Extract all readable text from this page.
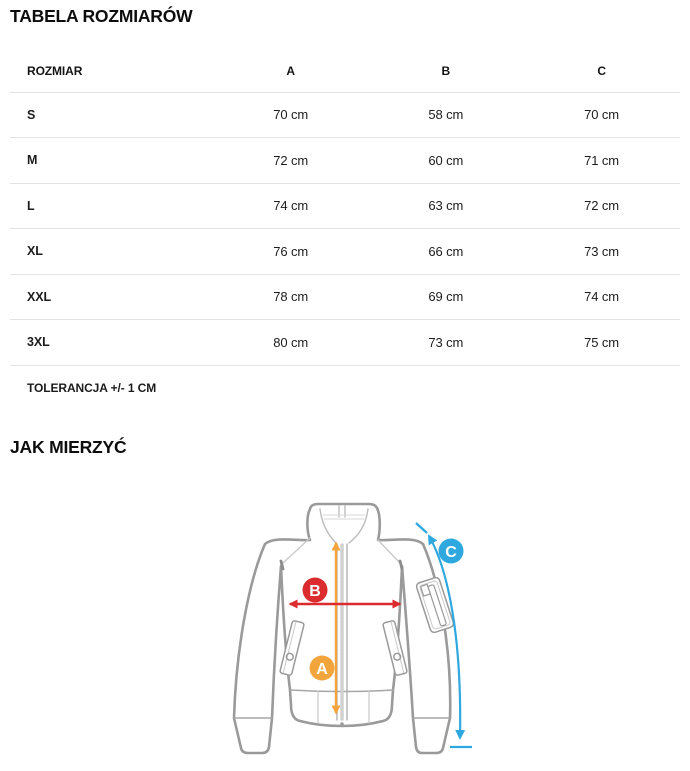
TABELA ROZMIARÓW
ROZMIAR	A	B	C
S	70 cm	58 cm	70 cm
M	72 cm	60 cm	71 cm
L	74 cm	63 cm	72 cm
XL	76 cm	66 cm	73 cm
XXL	78 cm	69 cm	74 cm
3XL	80 cm	73 cm	75 cm
TOLERANCJA +/- 1 CM			
JAK MIERZYĆ
B
A
C
